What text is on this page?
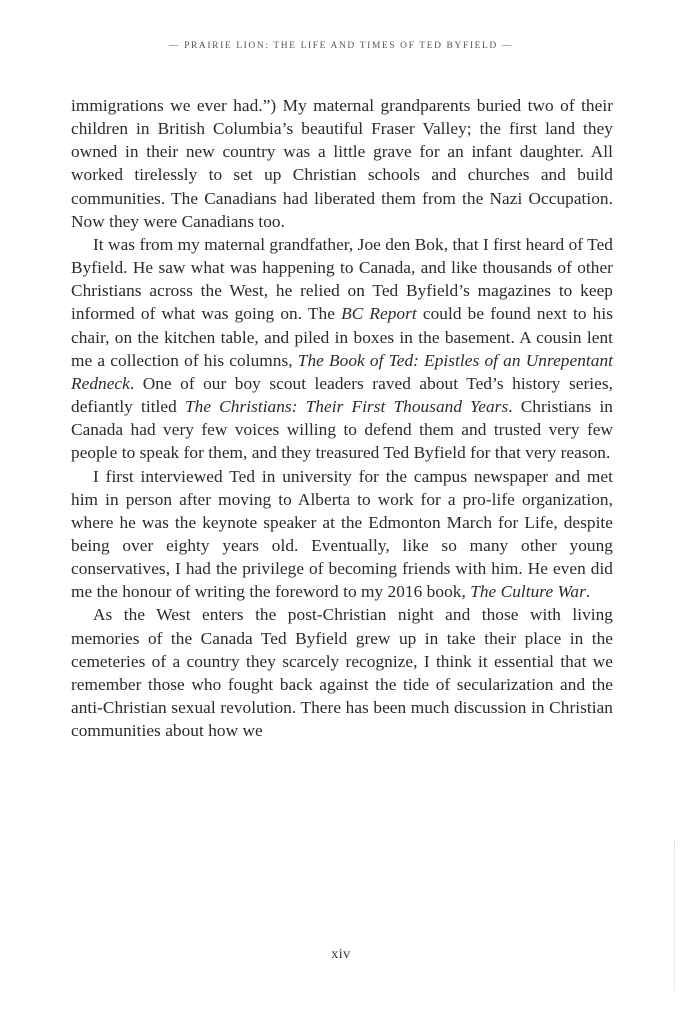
— PRAIRIE LION: THE LIFE AND TIMES OF TED BYFIELD —

immigrations we ever had.”) My maternal grandparents buried two of their children in British Columbia’s beautiful Fraser Valley; the first land they owned in their new country was a little grave for an infant daughter. All worked tirelessly to set up Christian schools and churches and build communities. The Canadians had liberated them from the Nazi Occupation. Now they were Canadians too.

It was from my maternal grandfather, Joe den Bok, that I first heard of Ted Byfield. He saw what was happening to Canada, and like thousands of other Christians across the West, he relied on Ted Byfield’s magazines to keep informed of what was going on. The BC Report could be found next to his chair, on the kitchen table, and piled in boxes in the basement. A cousin lent me a collection of his columns, The Book of Ted: Epistles of an Unrepentant Redneck. One of our boy scout leaders raved about Ted’s history series, defiantly titled The Christians: Their First Thousand Years. Christians in Canada had very few voices willing to defend them and trusted very few people to speak for them, and they treasured Ted Byfield for that very reason.

I first interviewed Ted in university for the campus newspaper and met him in person after moving to Alberta to work for a pro-life organization, where he was the keynote speaker at the Edmonton March for Life, despite being over eighty years old. Eventually, like so many other young conservatives, I had the privilege of becoming friends with him. He even did me the honour of writing the foreword to my 2016 book, The Culture War.

As the West enters the post-Christian night and those with living memories of the Canada Ted Byfield grew up in take their place in the cemeteries of a country they scarcely recognize, I think it essential that we remember those who fought back against the tide of secularization and the anti-Christian sexual revolution. There has been much discussion in Christian communities about how we

xiv
